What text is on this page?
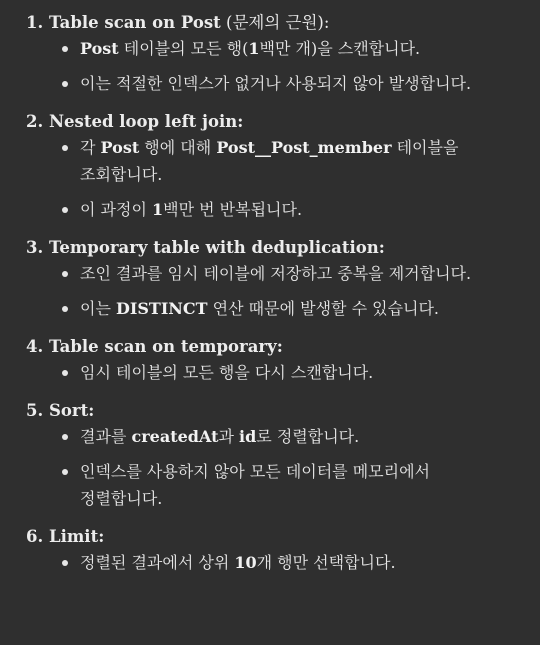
1. Table scan on Post (문제의 근원):
Post 테이블의 모든 행(1백만 개)을 스캔합니다.
이는 적절한 인덱스가 없거나 사용되지 않아 발생합니다.
2. Nested loop left join:
각 Post 행에 대해 Post__Post_member 테이블을 조회합니다.
이 과정이 1백만 번 반복됩니다.
3. Temporary table with deduplication:
조인 결과를 임시 테이블에 저장하고 중복을 제거합니다.
이는 DISTINCT 연산 때문에 발생할 수 있습니다.
4. Table scan on temporary:
임시 테이블의 모든 행을 다시 스캔합니다.
5. Sort:
결과를 createdAt과 id로 정렬합니다.
인덱스를 사용하지 않아 모든 데이터를 메모리에서 정렬합니다.
6. Limit:
정렬된 결과에서 상위 10개 행만 선택합니다.
